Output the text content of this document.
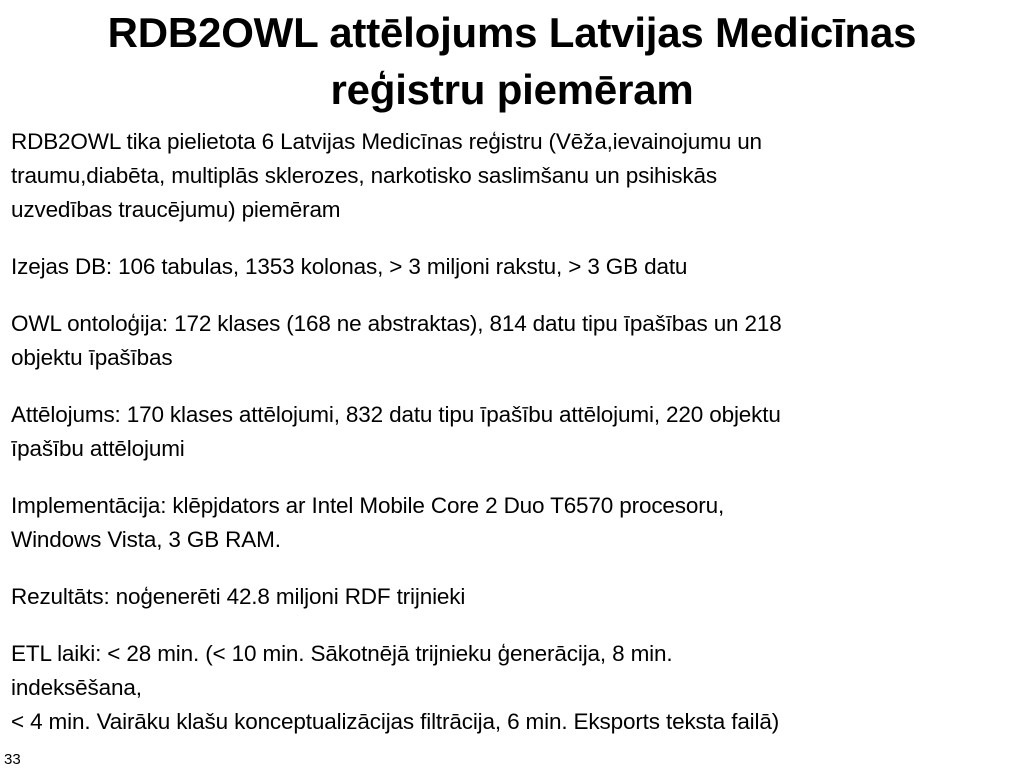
RDB2OWL attēlojums Latvijas Medicīnas
reģistru piemēram

RDB2OWL tika pielietota 6 Latvijas Medicīnas reģistru (Vēža,ievainojumu un
traumu,diabēta, multiplās sklerozes, narkotisko saslimšanu un psihiskās
uzvedības traucējumu) piemēram

Izejas DB: 106 tabulas, 1353 kolonas, > 3 miljoni rakstu, > 3 GB datu

OWL ontoloģija: 172 klases (168 ne abstraktas), 814 datu tipu īpašības un 218
objektu īpašības

Attēlojums: 170 klases attēlojumi, 832 datu tipu īpašību attēlojumi, 220 objektu
īpašību attēlojumi

Implementācija: klēpjdators ar Intel Mobile Core 2 Duo T6570 procesoru,
Windows Vista, 3 GB RAM.

Rezultāts: noģenerēti 42.8 miljoni RDF trijnieki

ETL laiki: < 28 min. (< 10 min. Sākotnējā trijnieku ģenerācija, 8 min.
indeksēšana,
< 4 min. Vairāku klašu konceptualizācijas filtrācija, 6 min. Eksports teksta failā)

33
